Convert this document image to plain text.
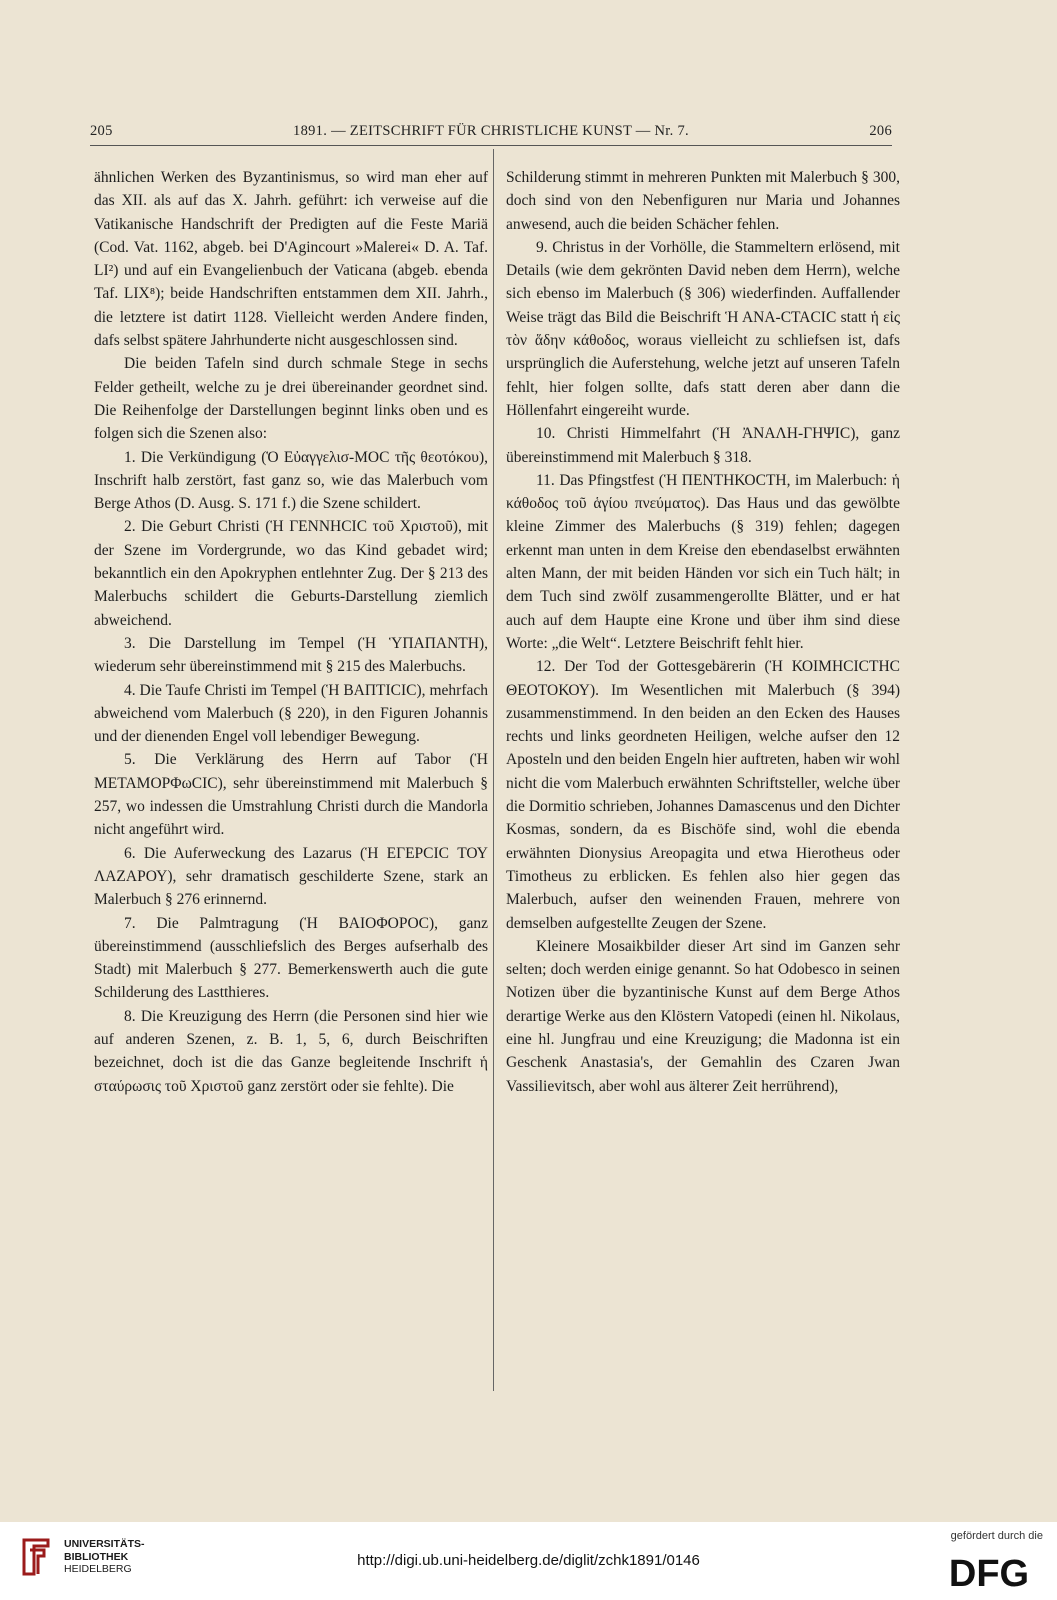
205	1891. — ZEITSCHRIFT FÜR CHRISTLICHE KUNST — Nr. 7.	206

ähnlichen Werken des Byzantinismus, so wird man eher auf das XII. als auf das X. Jahrh. geführt: ich verweise auf die Vatikanische Handschrift der Predigten auf die Feste Mariä (Cod. Vat. 1162, abgeb. bei D'Agincourt »Malerei« D. A. Taf. LI²) und auf ein Evangelienbuch der Vaticana (abgeb. ebenda Taf. LIX⁸); beide Handschriften entstammen dem XII. Jahrh., die letztere ist datirt 1128. Vielleicht werden Andere finden, dafs selbst spätere Jahrhunderte nicht ausgeschlossen sind.

Die beiden Tafeln sind durch schmale Stege in sechs Felder getheilt, welche zu je drei übereinander geordnet sind. Die Reihenfolge der Darstellungen beginnt links oben und es folgen sich die Szenen also:

1. Die Verkündigung (Ὁ Εὐαγγελισ-ΜΟC τῆς θεοτόκου), Inschrift halb zerstört, fast ganz so, wie das Malerbuch vom Berge Athos (D. Ausg. S. 171 f.) die Szene schildert.

2. Die Geburt Christi (Ἡ ΓΕΝΝΗCIC τοῦ Χριστοῦ), mit der Szene im Vordergrunde, wo das Kind gebadet wird; bekanntlich ein den Apokryphen entlehnter Zug. Der § 213 des Malerbuchs schildert die Geburts-Darstellung ziemlich abweichend.

3. Die Darstellung im Tempel (Ἡ ὙΠΑΠΑΝΤΗ), wiederum sehr übereinstimmend mit § 215 des Malerbuchs.

4. Die Taufe Christi im Tempel (Ἡ ΒΑΠΤΙCIC), mehrfach abweichend vom Malerbuch (§ 220), in den Figuren Johannis und der dienenden Engel voll lebendiger Bewegung.

5. Die Verklärung des Herrn auf Tabor (Ἡ ΜΕΤΑΜΟΡΦωCIC), sehr übereinstimmend mit Malerbuch § 257, wo indessen die Umstrahlung Christi durch die Mandorla nicht angeführt wird.

6. Die Auferweckung des Lazarus (Ἡ ΕΓΕΡCIC ΤΟΥ ΛΑΖΑΡΟΥ), sehr dramatisch geschilderte Szene, stark an Malerbuch § 276 erinnernd.

7. Die Palmtragung (Ἡ ΒΑΙΟΦΟΡΟC), ganz übereinstimmend (ausschliefslich des Berges aufserhalb des Stadt) mit Malerbuch § 277. Bemerkenswerth auch die gute Schilderung des Lastthieres.

8. Die Kreuzigung des Herrn (die Personen sind hier wie auf anderen Szenen, z. B. 1, 5, 6, durch Beischriften bezeichnet, doch ist die das Ganze begleitende Inschrift ἡ σταύρωσις τοῦ Χριστοῦ ganz zerstört oder sie fehlte). Die

Schilderung stimmt in mehreren Punkten mit Malerbuch § 300, doch sind von den Nebenfiguren nur Maria und Johannes anwesend, auch die beiden Schächer fehlen.

9. Christus in der Vorhölle, die Stammeltern erlösend, mit Details (wie dem gekrönten David neben dem Herrn), welche sich ebenso im Malerbuch (§ 306) wiederfinden. Auffallender Weise trägt das Bild die Beischrift Ἡ ΑΝΑ-CΤΑCIC statt ἡ εἰς τὸν ἅδην κάθοδος, woraus vielleicht zu schliefsen ist, dafs ursprünglich die Auferstehung, welche jetzt auf unseren Tafeln fehlt, hier folgen sollte, dafs statt deren aber dann die Höllenfahrt eingereiht wurde.

10. Christi Himmelfahrt (Ἡ ἈΝΑΛΗ-ΓΗΨΙC), ganz übereinstimmend mit Malerbuch § 318.

11. Das Pfingstfest (Ἡ ΠΕΝΤΗΚΟCΤΗ, im Malerbuch: ἡ κάθοδος τοῦ ἁγίου πνεύματος). Das Haus und das gewölbte kleine Zimmer des Malerbuchs (§ 319) fehlen; dagegen erkennt man unten in dem Kreise den ebendaselbst erwähnten alten Mann, der mit beiden Händen vor sich ein Tuch hält; in dem Tuch sind zwölf zusammengerollte Blätter, und er hat auch auf dem Haupte eine Krone und über ihm sind diese Worte: „die Welt“. Letztere Beischrift fehlt hier.

12. Der Tod der Gottesgebärerin (Ἡ ΚΟΙΜΗCΙCΤΗC ΘΕΟΤΟΚΟΥ). Im Wesentlichen mit Malerbuch (§ 394) zusammenstimmend. In den beiden an den Ecken des Hauses rechts und links geordneten Heiligen, welche aufser den 12 Aposteln und den beiden Engeln hier auftreten, haben wir wohl nicht die vom Malerbuch erwähnten Schriftsteller, welche über die Dormitio schrieben, Johannes Damascenus und den Dichter Kosmas, sondern, da es Bischöfe sind, wohl die ebenda erwähnten Dionysius Areopagita und etwa Hierotheus oder Timotheus zu erblicken. Es fehlen also hier gegen das Malerbuch, aufser den weinenden Frauen, mehrere von demselben aufgestellte Zeugen der Szene.

Kleinere Mosaikbilder dieser Art sind im Ganzen sehr selten; doch werden einige genannt. So hat Odobesco in seinen Notizen über die byzantinische Kunst auf dem Berge Athos derartige Werke aus den Klöstern Vatopedi (einen hl. Nikolaus, eine hl. Jungfrau und eine Kreuzigung; die Madonna ist ein Geschenk Anastasia's, der Gemahlin des Czaren Jwan Vassilievitsch, aber wohl aus älterer Zeit herrührend),

UNIVERSITÄTS-
BIBLIOTHEK
HEIDELBERG	http://digi.ub.uni-heidelberg.de/diglit/zchk1891/0146
gefördert durch die
DFG
